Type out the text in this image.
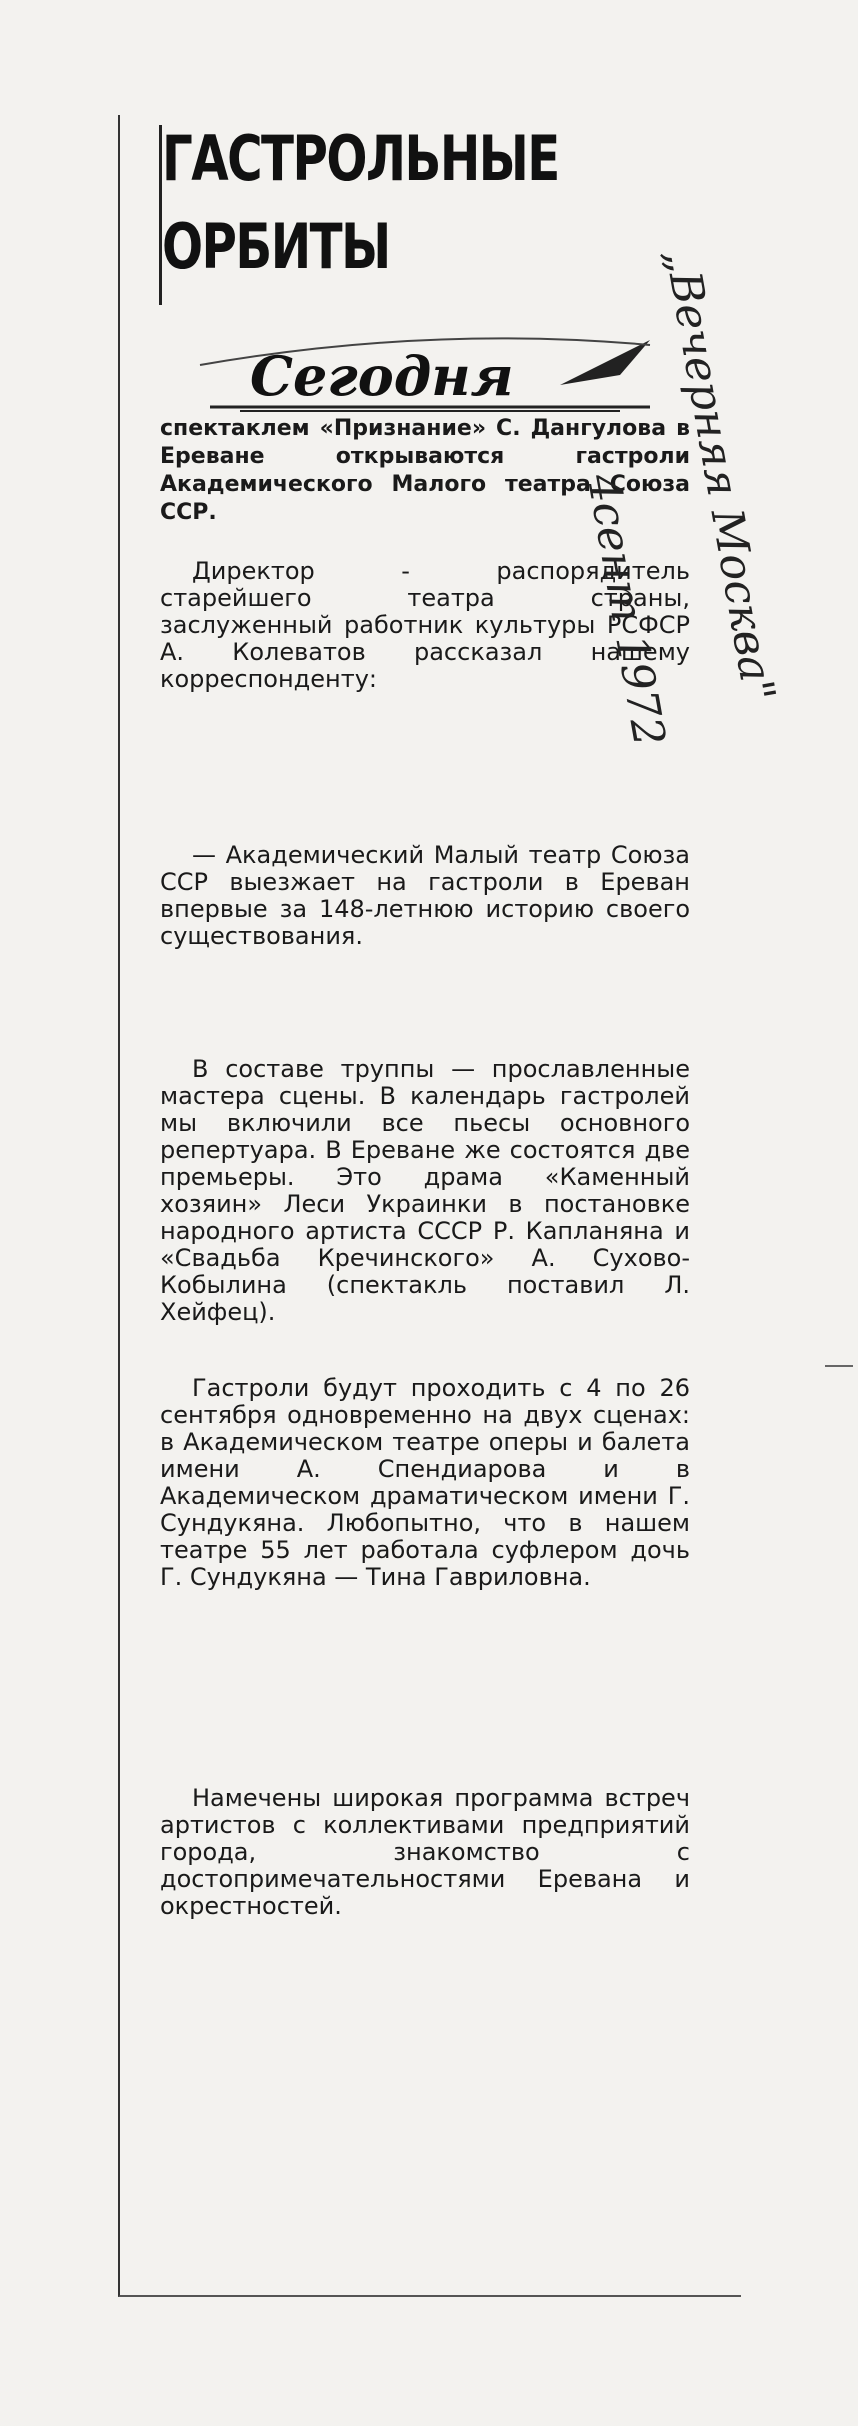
ГАСТРОЛЬНЫЕ
ОРБИТЫ
Сегодня

спектаклем «Признание» С. Дангулова в Ереване открываются гастроли Академического Малого театра Союза ССР.

Директор - распорядитель старейшего театра страны, заслуженный работник культуры РСФСР А. Колеватов рассказал нашему корреспонденту:

— Академический Малый театр Союза ССР выезжает на гастроли в Ереван впервые за 148-летнюю историю своего существования.

В составе труппы — прославленные мастера сцены. В календарь гастролей мы включили все пьесы основного репертуара. В Ереване же состоятся две премьеры. Это драма «Каменный хозяин» Леси Украинки в постановке народного артиста СССР Р. Капланяна и «Свадьба Кречинского» А. Сухово-Кобылина (спектакль поставил Л. Хейфец).

Гастроли будут проходить с 4 по 26 сентября одновременно на двух сценах: в Академическом театре оперы и балета имени А. Спендиарова и в Академическом драматическом имени Г. Сундукяна. Любопытно, что в нашем театре 55 лет работала суфлером дочь Г. Сундукяна — Тина Гавриловна.

Намечены широкая программа встреч артистов с коллективами предприятий города, знакомство с достопримечательностями Еревана и окрестностей.

„Вечерняя Москва"
4сент 1972
